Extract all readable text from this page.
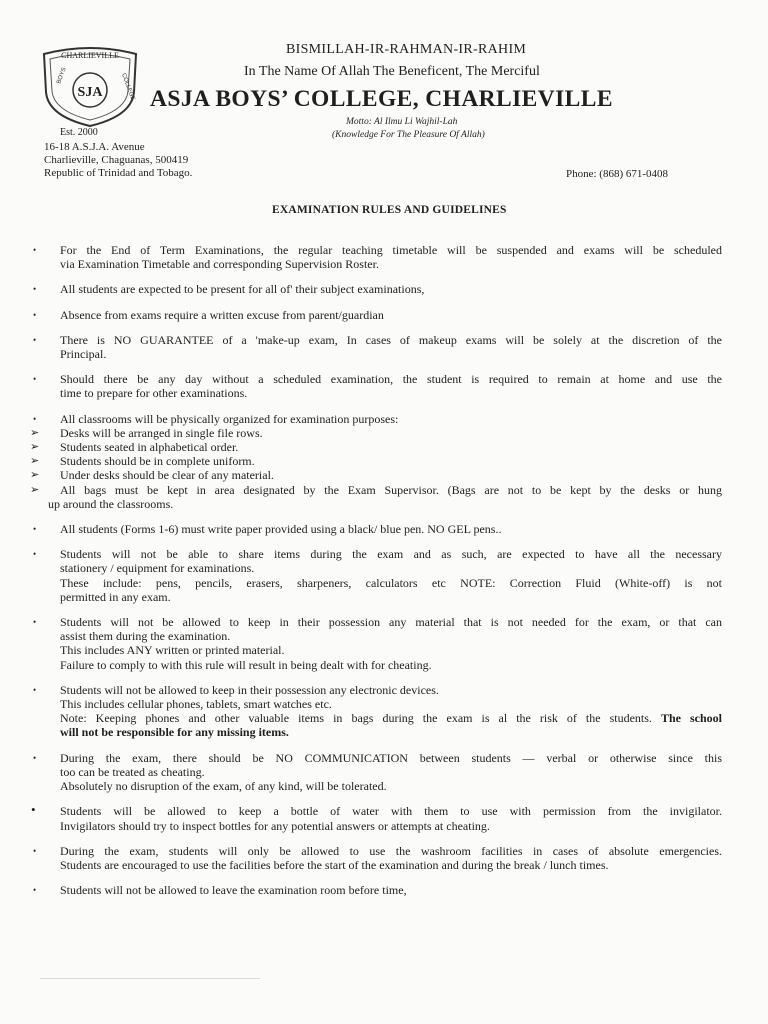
CHARLIEVILLE
SJA
BOYS	COLLEGE
Est. 2000
16-18 A.S.J.A. Avenue
Charlieville, Chaguanas, 500419
Republic of Trinidad and Tobago.
BISMILLAH-IR-RAHMAN-IR-RAHIM
In The Name Of Allah The Beneficent, The Merciful
ASJA BOYS’ COLLEGE, CHARLIEVILLE
Motto: Al Ilmu Li Wajhil-Lah
(Knowledge For The Pleasure Of Allah)
Phone: (868) 671-0408
EXAMINATION RULES AND GUIDELINES
• For the End of Term Examinations, the regular teaching timetable will be suspended and exams will be scheduled
via Examination Timetable and corresponding Supervision Roster.
• All students are expected to be present for all of' their subject examinations,
• Absence from exams require a written excuse from parent/guardian
• There is NO GUARANTEE of a 'make-up exam, In cases of makeup exams will be solely at the discretion of the
Principal.
• Should there be any day without a scheduled examination, the student is required to remain at home and use the
time to prepare for other examinations.
• All classrooms will be physically organized for examination purposes:
➢ Desks will be arranged in single file rows.
➢ Students seated in alphabetical order.
➢ Students should be in complete uniform.
➢ Under desks should be clear of any material.
➢ All bags must be kept in area designated by the Exam Supervisor. (Bags are not to be kept by the desks or hung
up around the classrooms.
• All students (Forms 1-6) must write paper provided using a black/ blue pen. NO GEL pens..
• Students will not be able to share items during the exam and as such, are expected to have all the necessary
stationery / equipment for examinations.
These include: pens, pencils, erasers, sharpeners, calculators etc NOTE: Correction Fluid (White-off) is not
permitted in any exam.
• Students will not be allowed to keep in their possession any material that is not needed for the exam, or that can
assist them during the examination.
This includes ANY written or printed material.
Failure to comply to with this rule will result in being dealt with for cheating.
• Students will not be allowed to keep in their possession any electronic devices.
This includes cellular phones, tablets, smart watches etc.
Note: Keeping phones and other valuable items in bags during the exam is al the risk of the students. The school
will not be responsible for any missing items.
• During the exam, there should be NO COMMUNICATION between students — verbal or otherwise since this
too can be treated as cheating.
Absolutely no disruption of the exam, of any kind, will be tolerated.
• Students will be allowed to keep a bottle of water with them to use with permission from the invigilator.
Invigilators should try to inspect bottles for any potential answers or attempts at cheating.
• During the exam, students will only be allowed to use the washroom facilities in cases of absolute emergencies.
Students are encouraged to use the facilities before the start of the examination and during the break / lunch times.
• Students will not be allowed to leave the examination room before time,
